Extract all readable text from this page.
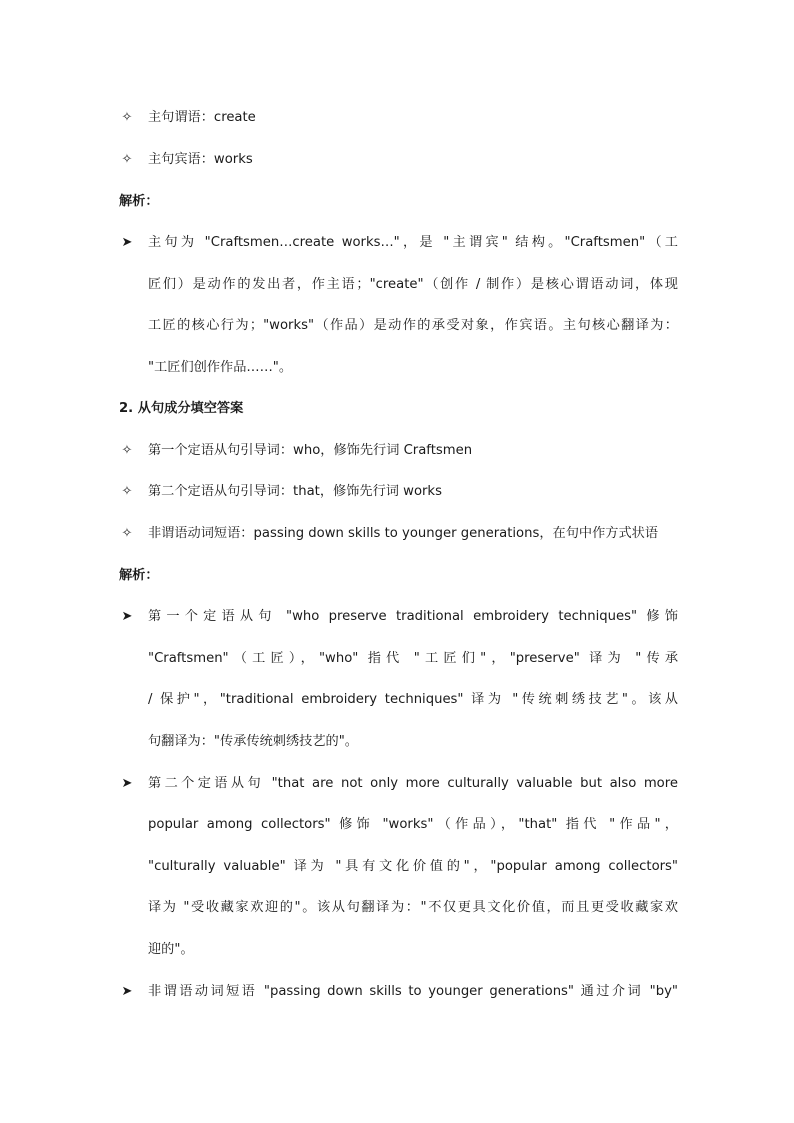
✧ 主句谓语：create
✧ 主句宾语：works
解析：
➤ 主句为 "Craftsmen…create works…"，是 "主谓宾" 结构。"Craftsmen"（工
匠们）是动作的发出者，作主语；"create"（创作 / 制作）是核心谓语动词，体现
工匠的核心行为；"works"（作品）是动作的承受对象，作宾语。主句核心翻译为：
"工匠们创作作品……"。
2. 从句成分填空答案
✧ 第一个定语从句引导词：who，修饰先行词 Craftsmen
✧ 第二个定语从句引导词：that，修饰先行词 works
✧ 非谓语动词短语：passing down skills to younger generations，在句中作方式状语
解析：
➤ 第一个定语从句 "who preserve traditional embroidery techniques" 修饰
"Craftsmen"（工匠），"who" 指代 "工匠们"，"preserve" 译为 "传承
/ 保护"，"traditional embroidery techniques" 译为 "传统刺绣技艺"。该从
句翻译为："传承传统刺绣技艺的"。
➤ 第二个定语从句 "that are not only more culturally valuable but also more
popular among collectors" 修饰 "works"（作品），"that" 指代 "作品"，
"culturally valuable" 译为 "具有文化价值的"，"popular among collectors"
译为 "受收藏家欢迎的"。该从句翻译为："不仅更具文化价值，而且更受收藏家欢
迎的"。
➤ 非谓语动词短语 "passing down skills to younger generations" 通过介词 "by"
